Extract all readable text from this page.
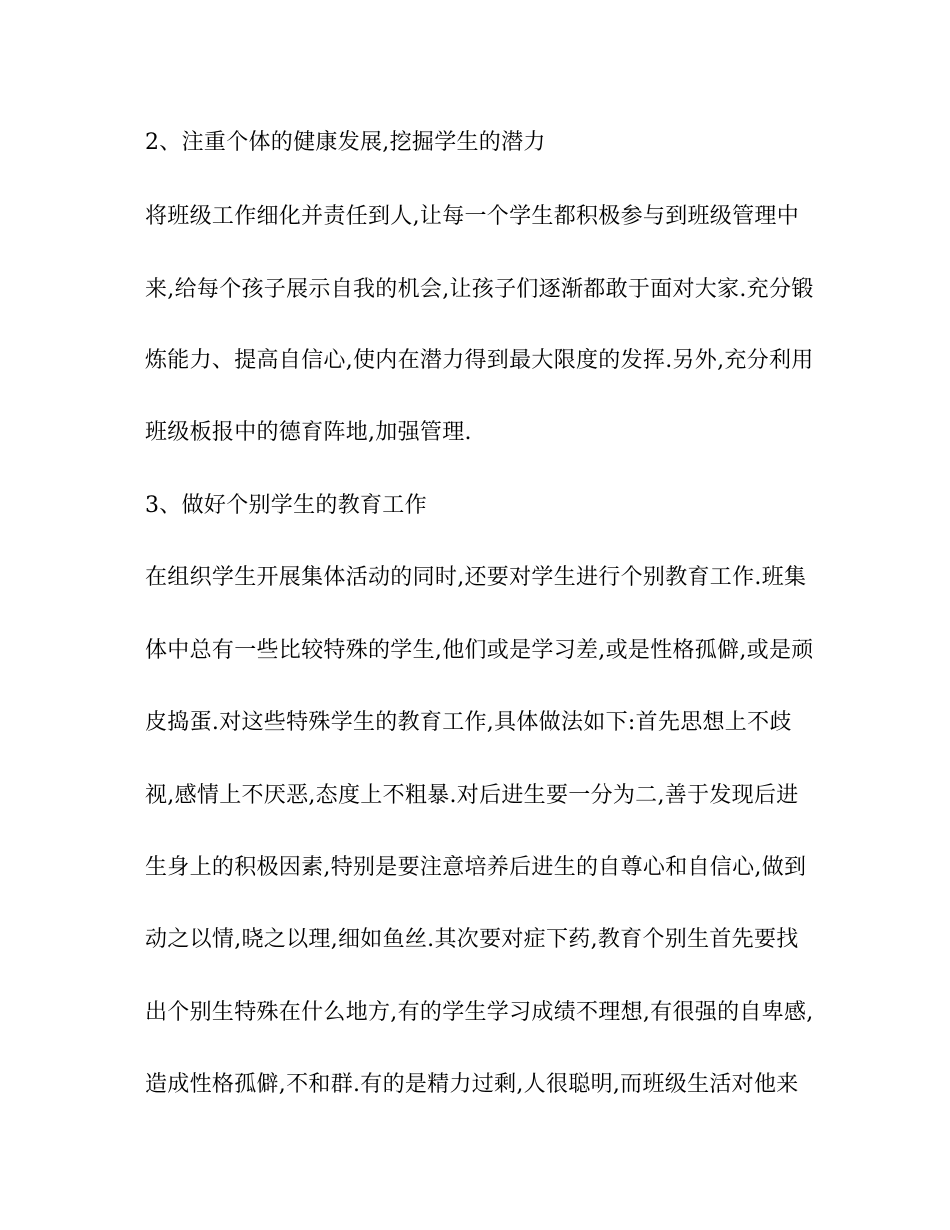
2、注重个体的健康发展,挖掘学生的潜力
将班级工作细化并责任到人,让每一个学生都积极参与到班级管理中
来,给每个孩子展示自我的机会,让孩子们逐渐都敢于面对大家.充分锻
炼能力、提高自信心,使内在潜力得到最大限度的发挥.另外,充分利用
班级板报中的德育阵地,加强管理.
3、做好个别学生的教育工作
在组织学生开展集体活动的同时,还要对学生进行个别教育工作.班集
体中总有一些比较特殊的学生,他们或是学习差,或是性格孤僻,或是顽
皮捣蛋.对这些特殊学生的教育工作,具体做法如下:首先思想上不歧
视,感情上不厌恶,态度上不粗暴.对后进生要一分为二,善于发现后进
生身上的积极因素,特别是要注意培养后进生的自尊心和自信心,做到
动之以情,晓之以理,细如鱼丝.其次要对症下药,教育个别生首先要找
出个别生特殊在什么地方,有的学生学习成绩不理想,有很强的自卑感,
造成性格孤僻,不和群.有的是精力过剩,人很聪明,而班级生活对他来
